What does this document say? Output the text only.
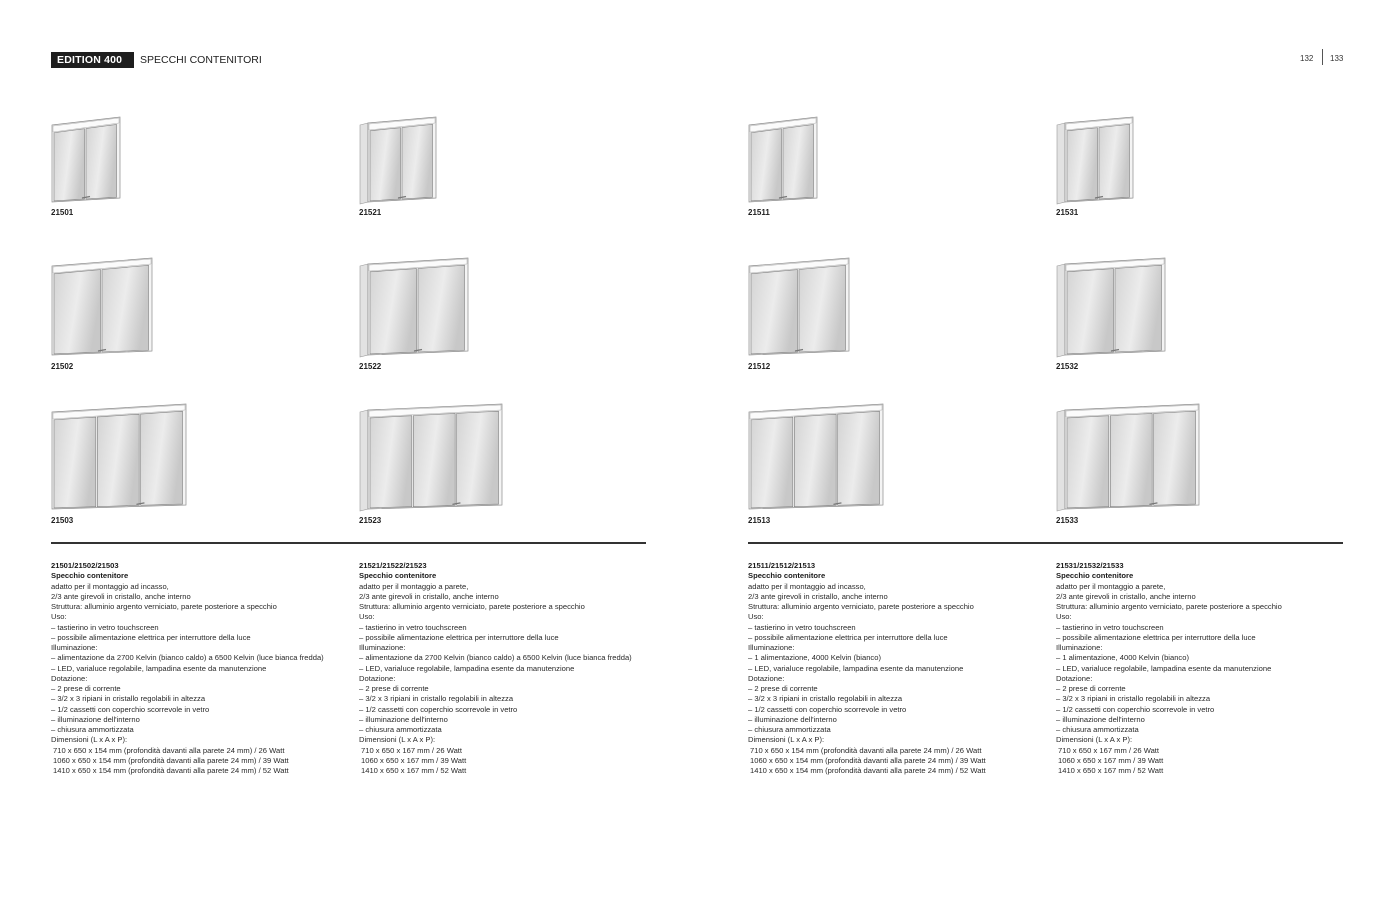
EDITION 400	SPECCHI CONTENITORI	132 133
21501	21521	21511	21531
21502	21522	21512	21532
21503	21523	21513	21533
21501/21502/21503
Specchio contenitore
adatto per il montaggio ad incasso,
2/3 ante girevoli in cristallo, anche interno
Struttura: alluminio argento verniciato, parete posteriore a specchio
Uso:
– tastierino in vetro touchscreen
– possibile alimentazione elettrica per interruttore della luce
Illuminazione:
– alimentazione da 2700 Kelvin (bianco caldo) a 6500 Kelvin (luce bianca fredda)
– LED, varialuce regolabile, lampadina esente da manutenzione
Dotazione:
– 2 prese di corrente
– 3/2 x 3 ripiani in cristallo regolabili in altezza
– 1/2 cassetti con coperchio scorrevole in vetro
– illuminazione dell'interno
– chiusura ammortizzata
Dimensioni (L x A x P):
710 x 650 x 154 mm (profondità davanti alla parete 24 mm) / 26 Watt
1060 x 650 x 154 mm (profondità davanti alla parete 24 mm) / 39 Watt
1410 x 650 x 154 mm (profondità davanti alla parete 24 mm) / 52 Watt
21521/21522/21523
Specchio contenitore
adatto per il montaggio a parete,
2/3 ante girevoli in cristallo, anche interno
Struttura: alluminio argento verniciato, parete posteriore a specchio
Uso:
– tastierino in vetro touchscreen
– possibile alimentazione elettrica per interruttore della luce
Illuminazione:
– alimentazione da 2700 Kelvin (bianco caldo) a 6500 Kelvin (luce bianca fredda)
– LED, varialuce regolabile, lampadina esente da manutenzione
Dotazione:
– 2 prese di corrente
– 3/2 x 3 ripiani in cristallo regolabili in altezza
– 1/2 cassetti con coperchio scorrevole in vetro
– illuminazione dell'interno
– chiusura ammortizzata
Dimensioni (L x A x P):
710 x 650 x 167 mm / 26 Watt
1060 x 650 x 167 mm / 39 Watt
1410 x 650 x 167 mm / 52 Watt
21511/21512/21513
Specchio contenitore
adatto per il montaggio ad incasso,
2/3 ante girevoli in cristallo, anche interno
Struttura: alluminio argento verniciato, parete posteriore a specchio
Uso:
– tastierino in vetro touchscreen
– possibile alimentazione elettrica per interruttore della luce
Illuminazione:
– 1 alimentazione, 4000 Kelvin (bianco)
– LED, varialuce regolabile, lampadina esente da manutenzione
Dotazione:
– 2 prese di corrente
– 3/2 x 3 ripiani in cristallo regolabili in altezza
– 1/2 cassetti con coperchio scorrevole in vetro
– illuminazione dell'interno
– chiusura ammortizzata
Dimensioni (L x A x P):
710 x 650 x 154 mm (profondità davanti alla parete 24 mm) / 26 Watt
1060 x 650 x 154 mm (profondità davanti alla parete 24 mm) / 39 Watt
1410 x 650 x 154 mm (profondità davanti alla parete 24 mm) / 52 Watt
21531/21532/21533
Specchio contenitore
adatto per il montaggio a parete,
2/3 ante girevoli in cristallo, anche interno
Struttura: alluminio argento verniciato, parete posteriore a specchio
Uso:
– tastierino in vetro touchscreen
– possibile alimentazione elettrica per interruttore della luce
Illuminazione:
– 1 alimentazione, 4000 Kelvin (bianco)
– LED, varialuce regolabile, lampadina esente da manutenzione
Dotazione:
– 2 prese di corrente
– 3/2 x 3 ripiani in cristallo regolabili in altezza
– 1/2 cassetti con coperchio scorrevole in vetro
– illuminazione dell'interno
– chiusura ammortizzata
Dimensioni (L x A x P):
710 x 650 x 167 mm / 26 Watt
1060 x 650 x 167 mm / 39 Watt
1410 x 650 x 167 mm / 52 Watt
